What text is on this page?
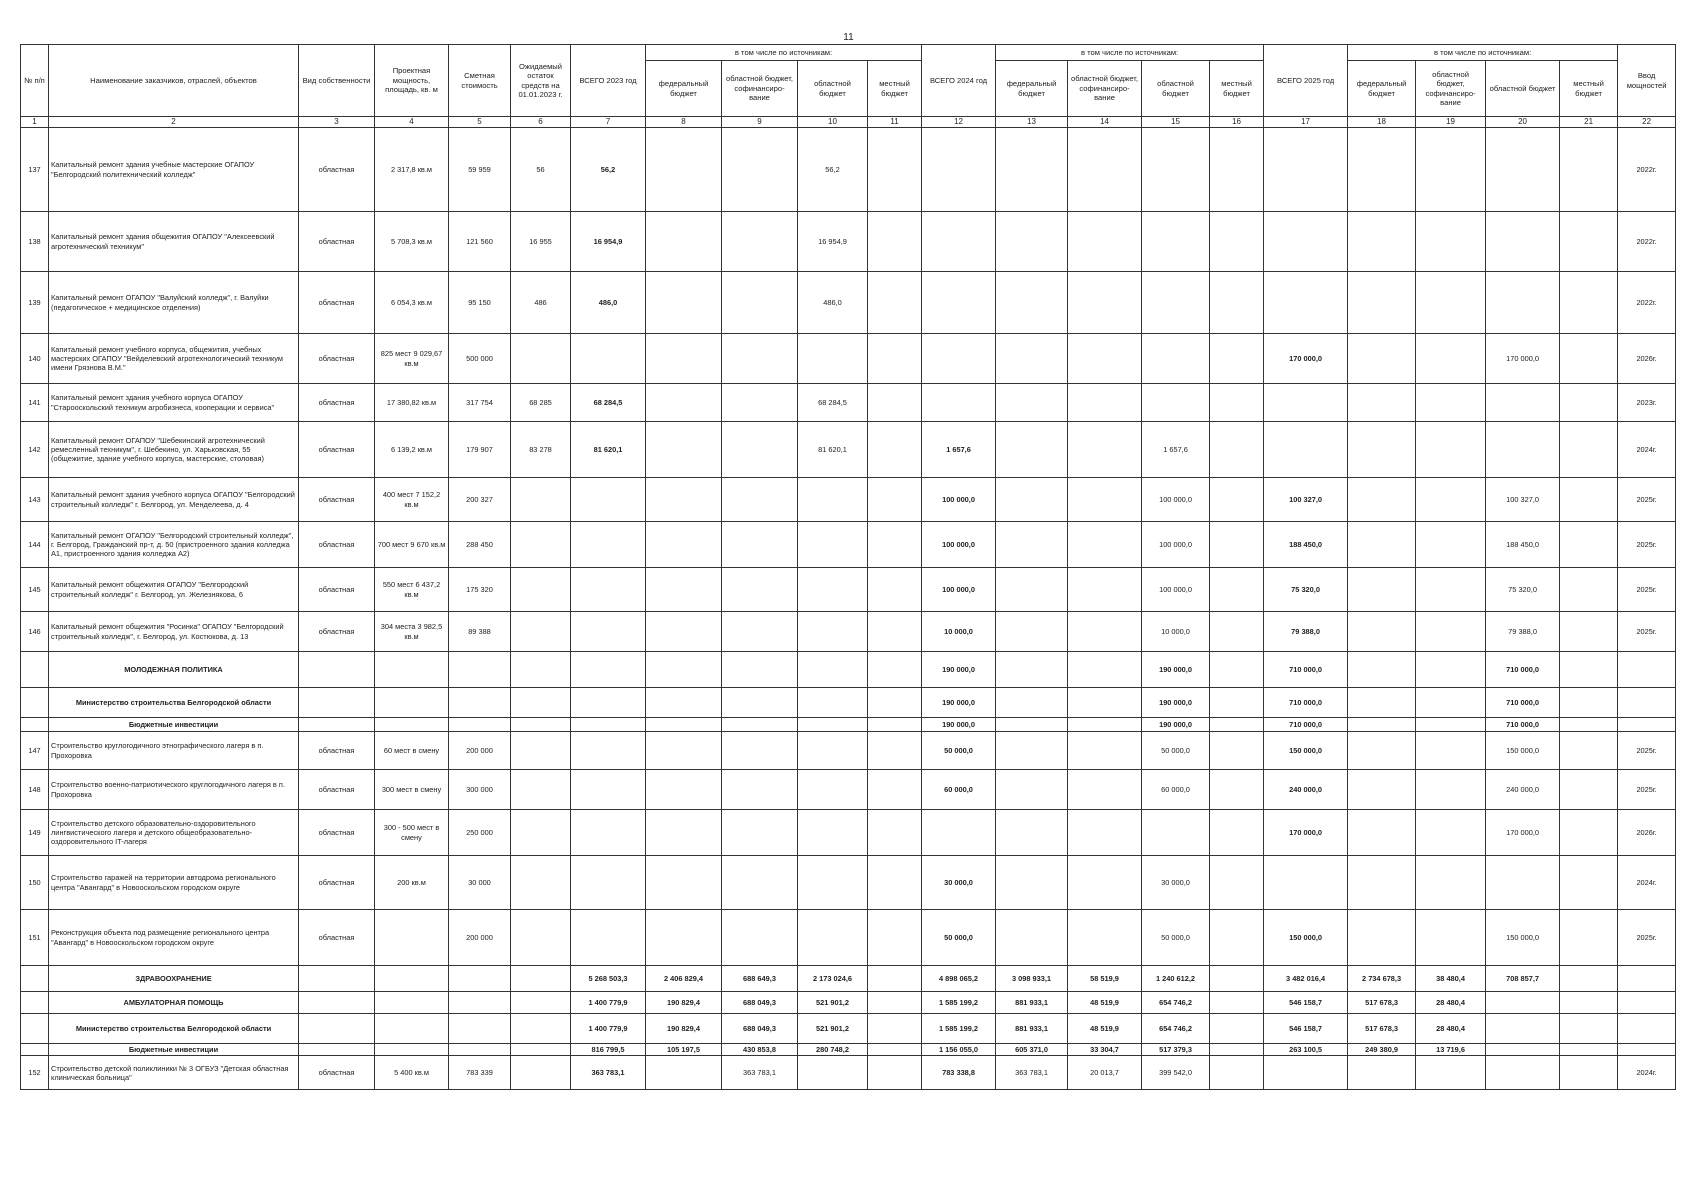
11
№ п/п	Наименование заказчиков, отраслей, объектов	Вид собственности	Проектная мощность, площадь, кв. м	Сметная стоимость	Ожидаемый остаток средств на 01.01.2023 г.	ВСЕГО 2023 год	в том числе по источникам:				ВСЕГО 2024 год	в том числе по источникам:				ВСЕГО 2025 год	в том числе по источникам:				Ввод мощностей
							федеральный бюджет	областной бюджет, софинансиро-вание	областной бюджет	местный бюджет		федеральный бюджет	областной бюджет, софинансиро-вание	областной бюджет	местный бюджет		федеральный бюджет	областной бюджет, софинансиро-вание	областной бюджет	местный бюджет	
1	2	3	4	5	6	7	8	9	10	11	12	13	14	15	16	17	18	19	20	21	22
137	Капитальный ремонт здания учебные мастерские ОГАПОУ "Белгородский политехнический колледж"	областная	2 317,8 кв.м	59 959	56	56,2			56,2												2022г.
138	Капитальный ремонт здания общежития ОГАПОУ "Алексеевский агротехнический техникум"	областная	5 708,3 кв.м	121 560	16 955	16 954,9			16 954,9												2022г.
139	Капитальный ремонт ОГАПОУ "Валуйский колледж", г. Валуйки (педагогическое + медицинское отделения)	областная	6 054,3 кв.м	95 150	486	486,0			486,0												2022г.
140	Капитальный ремонт учебного корпуса, общежития, учебных мастерских ОГАПОУ "Вейделевский агротехнологический техникум имени Грязнова В.М."	областная	825 мест 9 029,67 кв.м	500 000												170 000,0			170 000,0		2026г.
141	Капитальный ремонт здания учебного корпуса ОГАПОУ "Старооскольский техникум агробизнеса, кооперации и сервиса"	областная	17 380,82 кв.м	317 754	68 285	68 284,5			68 284,5												2023г.
142	Капитальный ремонт ОГАПОУ "Шебекинский агротехнический ремесленный техникум", г. Шебекино, ул. Харьковская, 55 (общежитие, здание учебного корпуса, мастерские, столовая)	областная	6 139,2 кв.м	179 907	83 278	81 620,1			81 620,1		1 657,6			1 657,6							2024г.
143	Капитальный ремонт здания учебного корпуса ОГАПОУ "Белгородский строительный колледж" г. Белгород, ул. Менделеева, д. 4	областная	400 мест 7 152,2 кв.м	200 327							100 000,0			100 000,0		100 327,0			100 327,0		2025г.
144	Капитальный ремонт ОГАПОУ "Белгородский строительный колледж", г. Белгород, Гражданский пр-т, д. 50 (пристроенного здания колледжа А1, пристроенного здания колледжа А2)	областная	700 мест 9 670 кв.м	288 450							100 000,0			100 000,0		188 450,0			188 450,0		2025г.
145	Капитальный ремонт общежития ОГАПОУ "Белгородский строительный колледж" г. Белгород, ул. Железнякова, 6	областная	550 мест 6 437,2 кв.м	175 320							100 000,0			100 000,0		75 320,0			75 320,0		2025г.
146	Капитальный ремонт общежития "Росинка" ОГАПОУ "Белгородский строительный колледж", г. Белгород, ул. Костюкова, д. 13	областная	304 места 3 982,5 кв.м	89 388							10 000,0			10 000,0		79 388,0			79 388,0		2025г.
	МОЛОДЕЖНАЯ ПОЛИТИКА										190 000,0			190 000,0		710 000,0			710 000,0		
	Министерство строительства Белгородской области										190 000,0			190 000,0		710 000,0			710 000,0		
	Бюджетные инвестиции										190 000,0			190 000,0		710 000,0			710 000,0		
147	Строительство круглогодичного этнографического лагеря в п. Прохоровка	областная	60 мест в смену	200 000							50 000,0			50 000,0		150 000,0			150 000,0		2025г.
148	Строительство военно-патриотического круглогодичного лагеря в п. Прохоровка	областная	300 мест в смену	300 000							60 000,0			60 000,0		240 000,0			240 000,0		2025г.
149	Строительство детского образовательно-оздоровительного лингвистического лагеря и детского общеобразовательно-оздоровительного IT-лагеря	областная	300 - 500 мест в смену	250 000												170 000,0			170 000,0		2026г.
150	Строительство гаражей на территории автодрома регионального центра "Авангард" в Новооскольском городском округе	областная	200 кв.м	30 000							30 000,0			30 000,0							2024г.
151	Реконструкция объекта под размещение регионального центра "Авангард" в Новооскольском городском округе	областная		200 000							50 000,0			50 000,0		150 000,0			150 000,0		2025г.
	ЗДРАВООХРАНЕНИЕ					5 268 503,3	2 406 829,4	688 649,3	2 173 024,6		4 898 065,2	3 098 933,1	58 519,9	1 240 612,2		3 482 016,4	2 734 678,3	38 480,4	708 857,7		
	АМБУЛАТОРНАЯ ПОМОЩЬ					1 400 779,9	190 829,4	688 049,3	521 901,2		1 585 199,2	881 933,1	48 519,9	654 746,2		546 158,7	517 678,3	28 480,4			
	Министерство строительства Белгородской области					1 400 779,9	190 829,4	688 049,3	521 901,2		1 585 199,2	881 933,1	48 519,9	654 746,2		546 158,7	517 678,3	28 480,4			
	Бюджетные инвестиции					816 799,5	105 197,5	430 853,8	280 748,2		1 156 055,0	605 371,0	33 304,7	517 379,3		263 100,5	249 380,9	13 719,6			
152	Строительство детской поликлиники № 3 ОГБУЗ "Детская областная клиническая больница"	областная	5 400 кв.м	783 339		363 783,1		363 783,1			783 338,8	363 783,1	20 013,7	399 542,0							2024г.
